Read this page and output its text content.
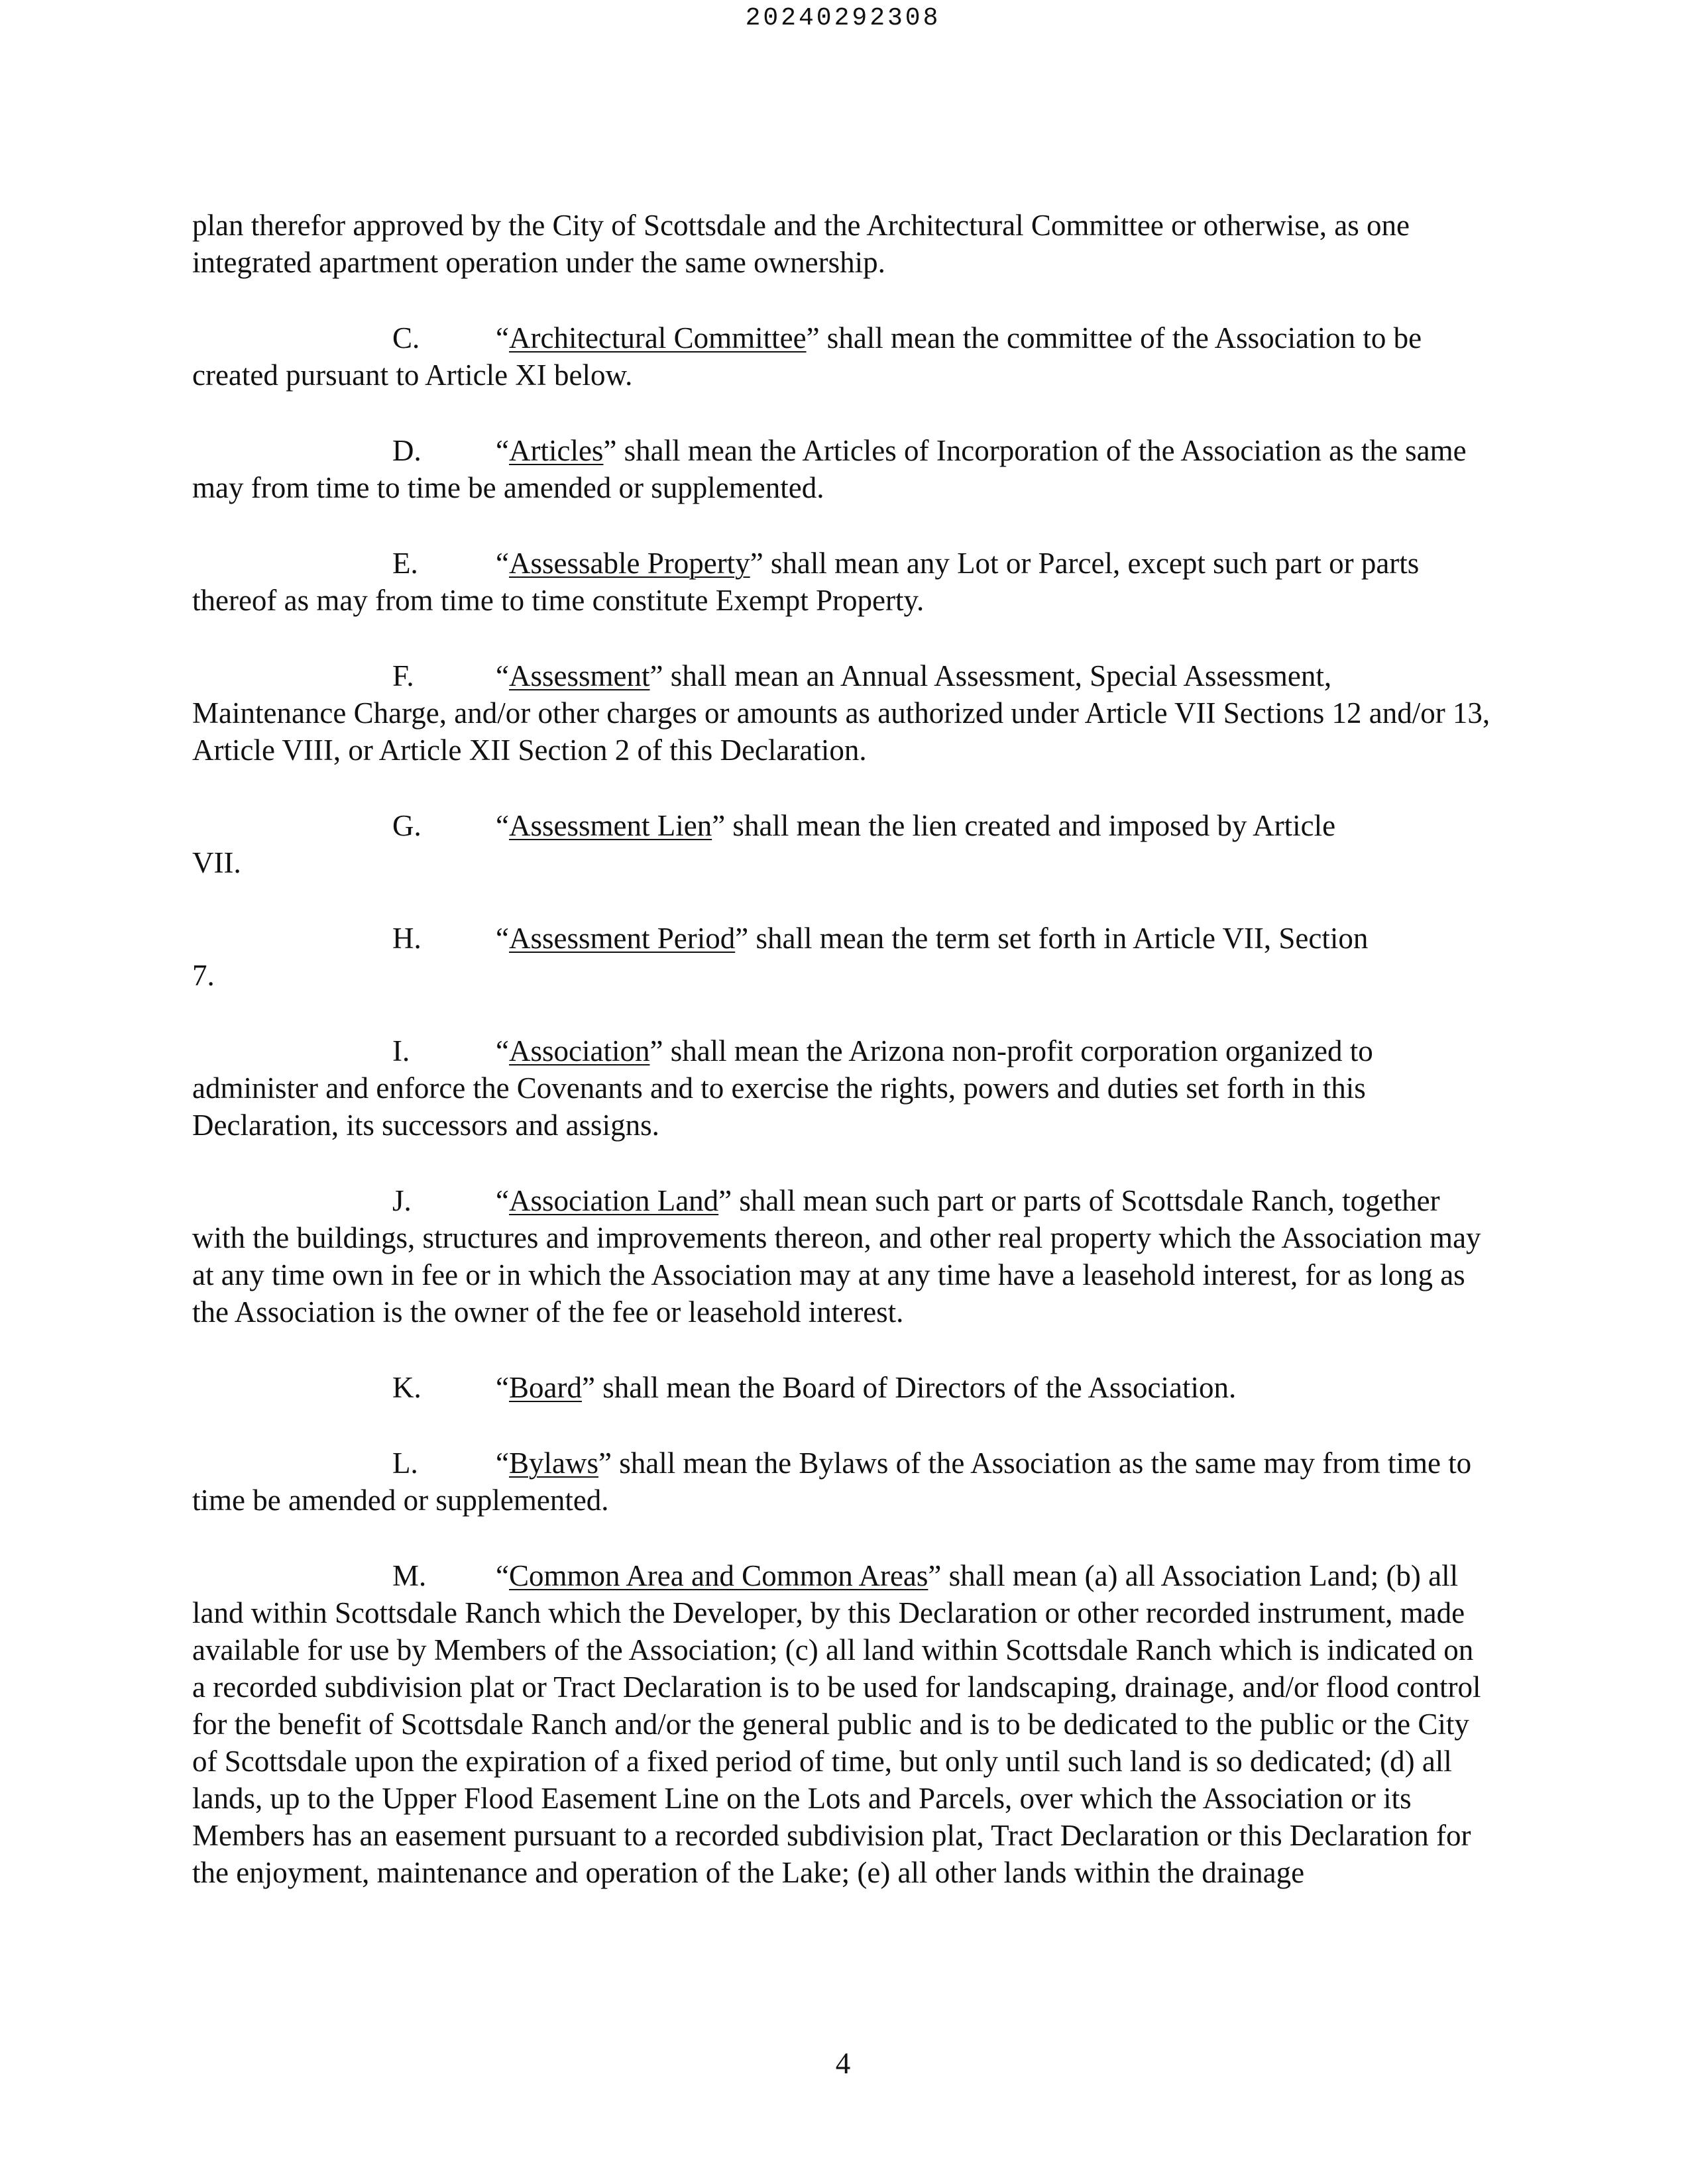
20240292308

plan therefor approved by the City of Scottsdale and the Architectural Committee or otherwise, as one integrated apartment operation under the same ownership.

C.	“Architectural Committee” shall mean the committee of the Association to be created pursuant to Article XI below.

D. “Articles” shall mean the Articles of Incorporation of the Association as the same may from time to time be amended or supplemented.

E.	“Assessable Property” shall mean any Lot or Parcel, except such part or parts thereof as may from time to time constitute Exempt Property.

F.	“Assessment” shall mean an Annual Assessment, Special Assessment, Maintenance Charge, and/or other charges or amounts as authorized under Article VII Sections 12 and/or 13, Article VIII, or Article XII Section 2 of this Declaration.

G. “Assessment Lien” shall mean the lien created and imposed by Article
VII.

H. “Assessment Period” shall mean the term set forth in Article VII, Section
7.

I.	“Association” shall mean the Arizona non-profit corporation organized to administer and enforce the Covenants and to exercise the rights, powers and duties set forth in this Declaration, its successors and assigns.

J.	“Association Land” shall mean such part or parts of Scottsdale Ranch, together with the buildings, structures and improvements thereon, and other real property which the Association may at any time own in fee or in which the Association may at any time have a leasehold interest, for as long as the Association is the owner of the fee or leasehold interest.

K. “Board” shall mean the Board of Directors of the Association.

L.	“Bylaws” shall mean the Bylaws of the Association as the same may from time to time be amended or supplemented.

M. “Common Area and Common Areas” shall mean (a) all Association Land; (b) all land within Scottsdale Ranch which the Developer, by this Declaration or other recorded instrument, made available for use by Members of the Association; (c) all land within Scottsdale Ranch which is indicated on a recorded subdivision plat or Tract Declaration is to be used for landscaping, drainage, and/or flood control for the benefit of Scottsdale Ranch and/or the general public and is to be dedicated to the public or the City of Scottsdale upon the expiration of a fixed period of time, but only until such land is so dedicated; (d) all lands, up to the Upper Flood Easement Line on the Lots and Parcels, over which the Association or its Members has an easement pursuant to a recorded subdivision plat, Tract Declaration or this Declaration for the enjoyment, maintenance and operation of the Lake; (e) all other lands within the drainage

4
